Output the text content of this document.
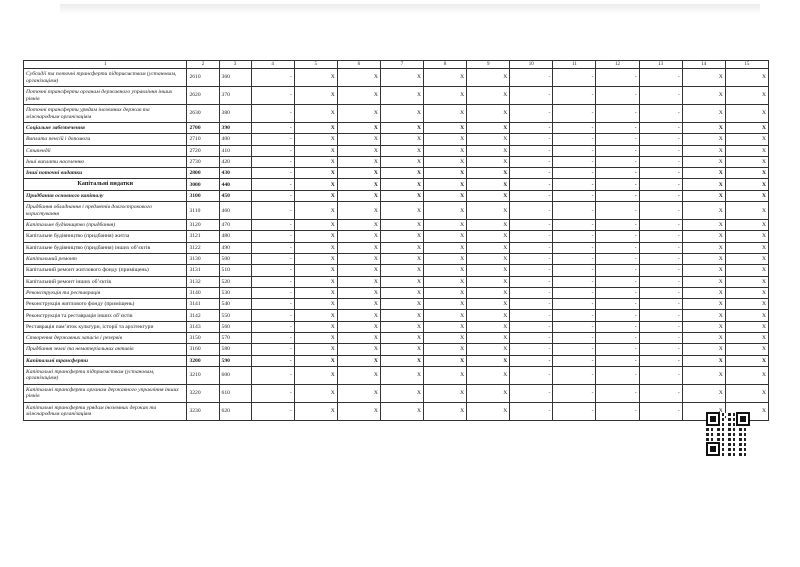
1	2	3	4	5	6	7	8	9	10	11	12	13	14	15
Субсидії та поточні трансферти підприємствам (установам, організаціям)	2610	360	-	X	X	X	X	X	-	-	-	-	X	X
Поточні трансферти органам державного управління інших рівнів	2620	370	-	X	X	X	X	X	-	-	-	-	X	X
Поточні трансферти урядам іноземних держав та міжнародним організаціям	2630	380	-	X	X	X	X	X	-	-	-	-	X	X
Соціальне забезпечення	2700	390	-	X	X	X	X	X	-	-	-	-	X	X
Виплата пенсій і допомоги	2710	400	-	X	X	X	X	X	-	-	-	-	X	X
Стипендії	2720	410	-	X	X	X	X	X	-	-	-	-	X	X
Інші виплати населенню	2730	420	-	X	X	X	X	X	-	-	-	-	X	X
Інші поточні видатки	2800	430	-	X	X	X	X	X	-	-	-	-	X	X
Капітальні видатки	3000	440	-	X	X	X	X	X	-	-	-	-	X	X
Придбання основного капіталу	3100	450	-	X	X	X	X	X	-	-	-	-	X	X
Придбання обладнання і предметів довгострокового користування	3110	460	-	X	X	X	X	X	-	-	-	-	X	X
Капітальне будівництво (придбання)	3120	470	-	X	X	X	X	X	-	-	-	-	X	X
Капітальне будівництво (придбання) житла	3121	480	-	X	X	X	X	X	-	-	-	-	X	X
Капітальне будівництво (придбання) інших об’єктів	3122	490	-	X	X	X	X	X	-	-	-	-	X	X
Капітальний ремонт	3130	500	-	X	X	X	X	X	-	-	-	-	X	X
Капітальний ремонт житлового фонду (приміщень)	3131	510	-	X	X	X	X	X	-	-	-	-	X	X
Капітальний ремонт інших об’єктів	3132	520	-	X	X	X	X	X	-	-	-	-	X	X
Реконструкція та реставрація	3140	530	-	X	X	X	X	X	-	-	-	-	X	X
Реконструкція житлового фонду (приміщень)	3141	540	-	X	X	X	X	X	-	-	-	-	X	X
Реконструкція та реставрація інших об’єктів	3142	550	-	X	X	X	X	X	-	-	-	-	X	X
Реставрація пам’яток культури, історії та архітектури	3143	560	-	X	X	X	X	X	-	-	-	-	X	X
Створення державних запасів і резервів	3150	570	-	X	X	X	X	X	-	-	-	-	X	X
Придбання землі та нематеріальних активів	3160	580	-	X	X	X	X	X	-	-	-	-	X	X
Капітальні трансферти	3200	590	-	X	X	X	X	X	-	-	-	-	X	X
Капітальні трансферти підприємствам (установам, організаціям)	3210	600	-	X	X	X	X	X	-	-	-	-	X	X
Капітальні трансферти органам державного управління інших рівнів	3220	610	-	X	X	X	X	X	-	-	-	-	X	X
Капітальні трансферти урядам іноземних держав та міжнародним організаціям	3230	620	-	X	X	X	X	X	-	-	-	-		X
